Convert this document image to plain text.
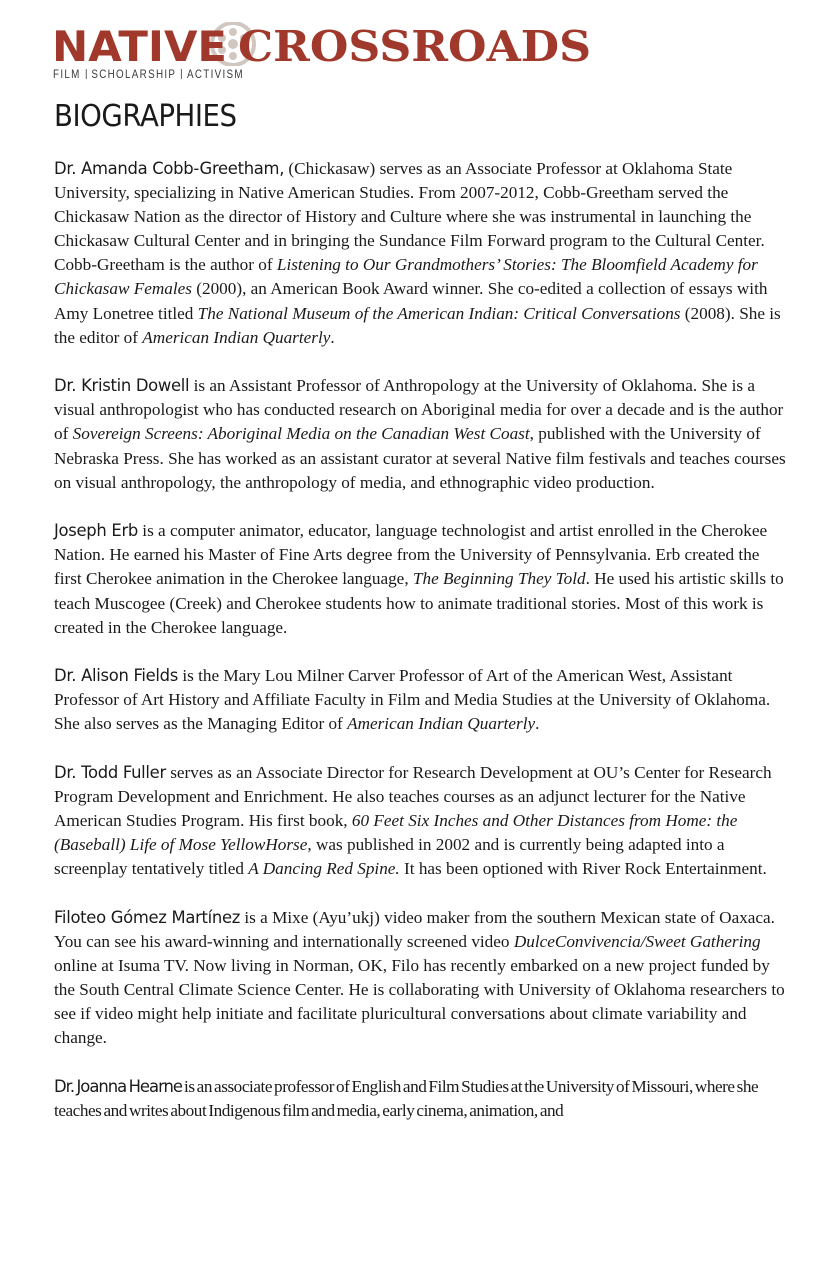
NATIVE CROSSROADS
FILM SCHOLARSHIP ACTIVISM
BIOGRAPHIES

Dr. Amanda Cobb-Greetham, (Chickasaw) serves as an Associate Professor at Oklahoma State University, specializing in Native American Studies. From 2007-2012, Cobb-Greetham served the Chickasaw Nation as the director of History and Culture where she was instrumental in launching the Chickasaw Cultural Center and in bringing the Sundance Film Forward program to the Cultural Center. Cobb-Greetham is the author of Listening to Our Grandmothers’ Stories: The Bloomfield Academy for Chickasaw Females (2000), an American Book Award winner. She co-edited a collection of essays with Amy Lonetree titled The National Museum of the American Indian: Critical Conversations (2008). She is the editor of American Indian Quarterly.

Dr. Kristin Dowell is an Assistant Professor of Anthropology at the University of Oklahoma. She is a visual anthropologist who has conducted research on Aboriginal media for over a decade and is the author of Sovereign Screens: Aboriginal Media on the Canadian West Coast, published with the University of Nebraska Press. She has worked as an assistant curator at several Native film festivals and teaches courses on visual anthropology, the anthropology of media, and ethnographic video production.

Joseph Erb is a computer animator, educator, language technologist and artist enrolled in the Cherokee Nation. He earned his Master of Fine Arts degree from the University of Pennsylvania. Erb created the first Cherokee animation in the Cherokee language, The Beginning They Told. He used his artistic skills to teach Muscogee (Creek) and Cherokee students how to animate traditional stories. Most of this work is created in the Cherokee language.

Dr. Alison Fields is the Mary Lou Milner Carver Professor of Art of the American West, Assistant Professor of Art History and Affiliate Faculty in Film and Media Studies at the University of Oklahoma. She also serves as the Managing Editor of American Indian Quarterly.

Dr. Todd Fuller serves as an Associate Director for Research Development at OU’s Center for Research Program Development and Enrichment. He also teaches courses as an adjunct lecturer for the Native American Studies Program. His first book, 60 Feet Six Inches and Other Distances from Home: the (Baseball) Life of Mose YellowHorse, was published in 2002 and is currently being adapted into a screenplay tentatively titled A Dancing Red Spine. It has been optioned with River Rock Entertainment.

Filoteo Gómez Martínez is a Mixe (Ayu’ukj) video maker from the southern Mexican state of Oaxaca. You can see his award-winning and internationally screened video DulceConvivencia/Sweet Gathering online at Isuma TV. Now living in Norman, OK, Filo has recently embarked on a new project funded by the South Central Climate Science Center. He is collaborating with University of Oklahoma researchers to see if video might help initiate and facilitate pluricultural conversations about climate variability and change.

Dr. Joanna Hearne is an associate professor of English and Film Studies at the University of Missouri, where she teaches and writes about Indigenous film and media, early cinema, animation, and
